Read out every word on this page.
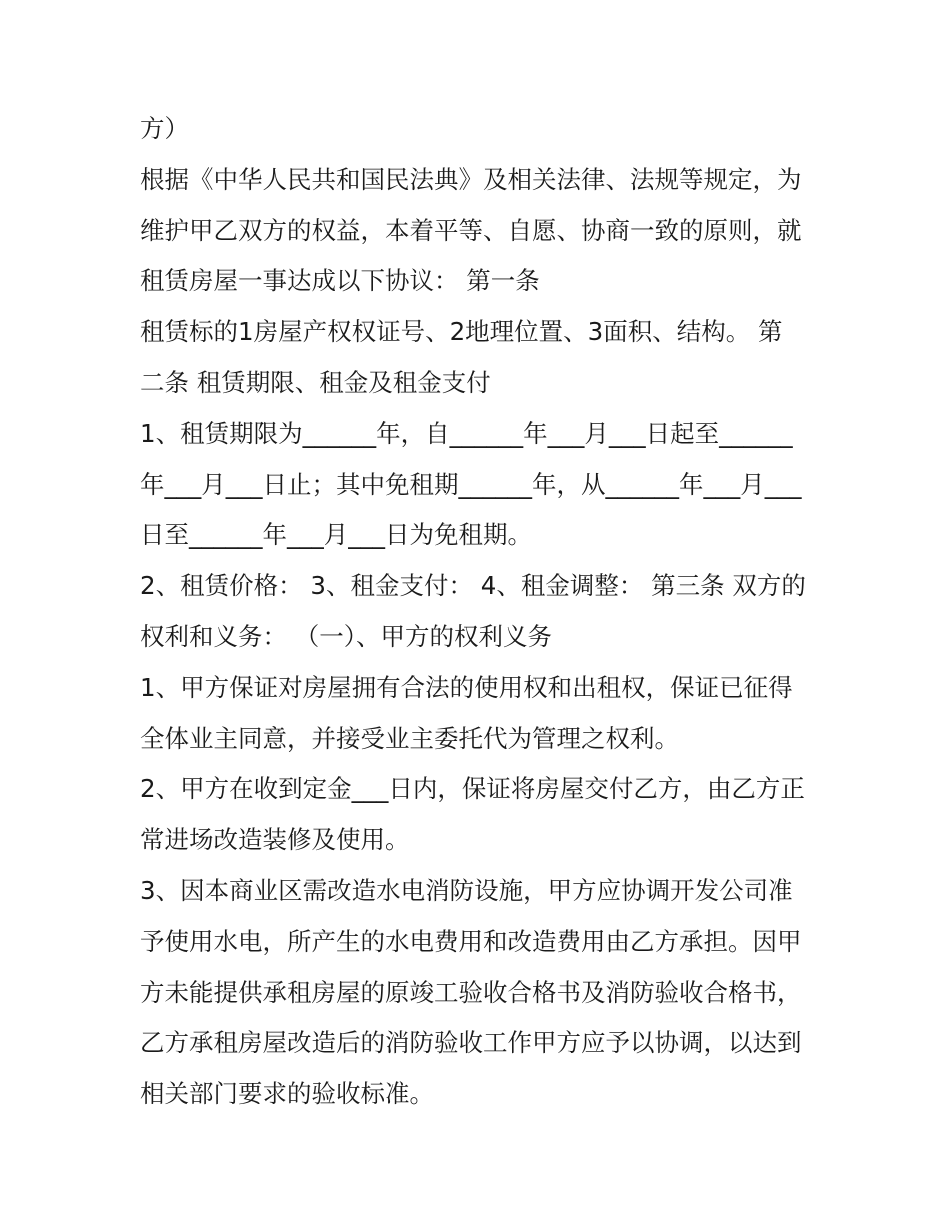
方）
根据《中华人民共和国民法典》及相关法律、法规等规定，为
维护甲乙双方的权益，本着平等、自愿、协商一致的原则，就
租赁房屋一事达成以下协议： 第一条
租赁标的1房屋产权权证号、2地理位置、3面积、结构。 第
二条 租赁期限、租金及租金支付
1、租赁期限为______年，自______年___月___日起至______
年___月___日止；其中免租期______年，从______年___月___
日至______年___月___日为免租期。
2、租赁价格： 3、租金支付： 4、租金调整： 第三条 双方的
权利和义务： （一）、甲方的权利义务
1、甲方保证对房屋拥有合法的使用权和出租权，保证已征得
全体业主同意，并接受业主委托代为管理之权利。
2、甲方在收到定金___日内，保证将房屋交付乙方，由乙方正
常进场改造装修及使用。
3、因本商业区需改造水电消防设施，甲方应协调开发公司准
予使用水电，所产生的水电费用和改造费用由乙方承担。因甲
方未能提供承租房屋的原竣工验收合格书及消防验收合格书，
乙方承租房屋改造后的消防验收工作甲方应予以协调，以达到
相关部门要求的验收标准。
